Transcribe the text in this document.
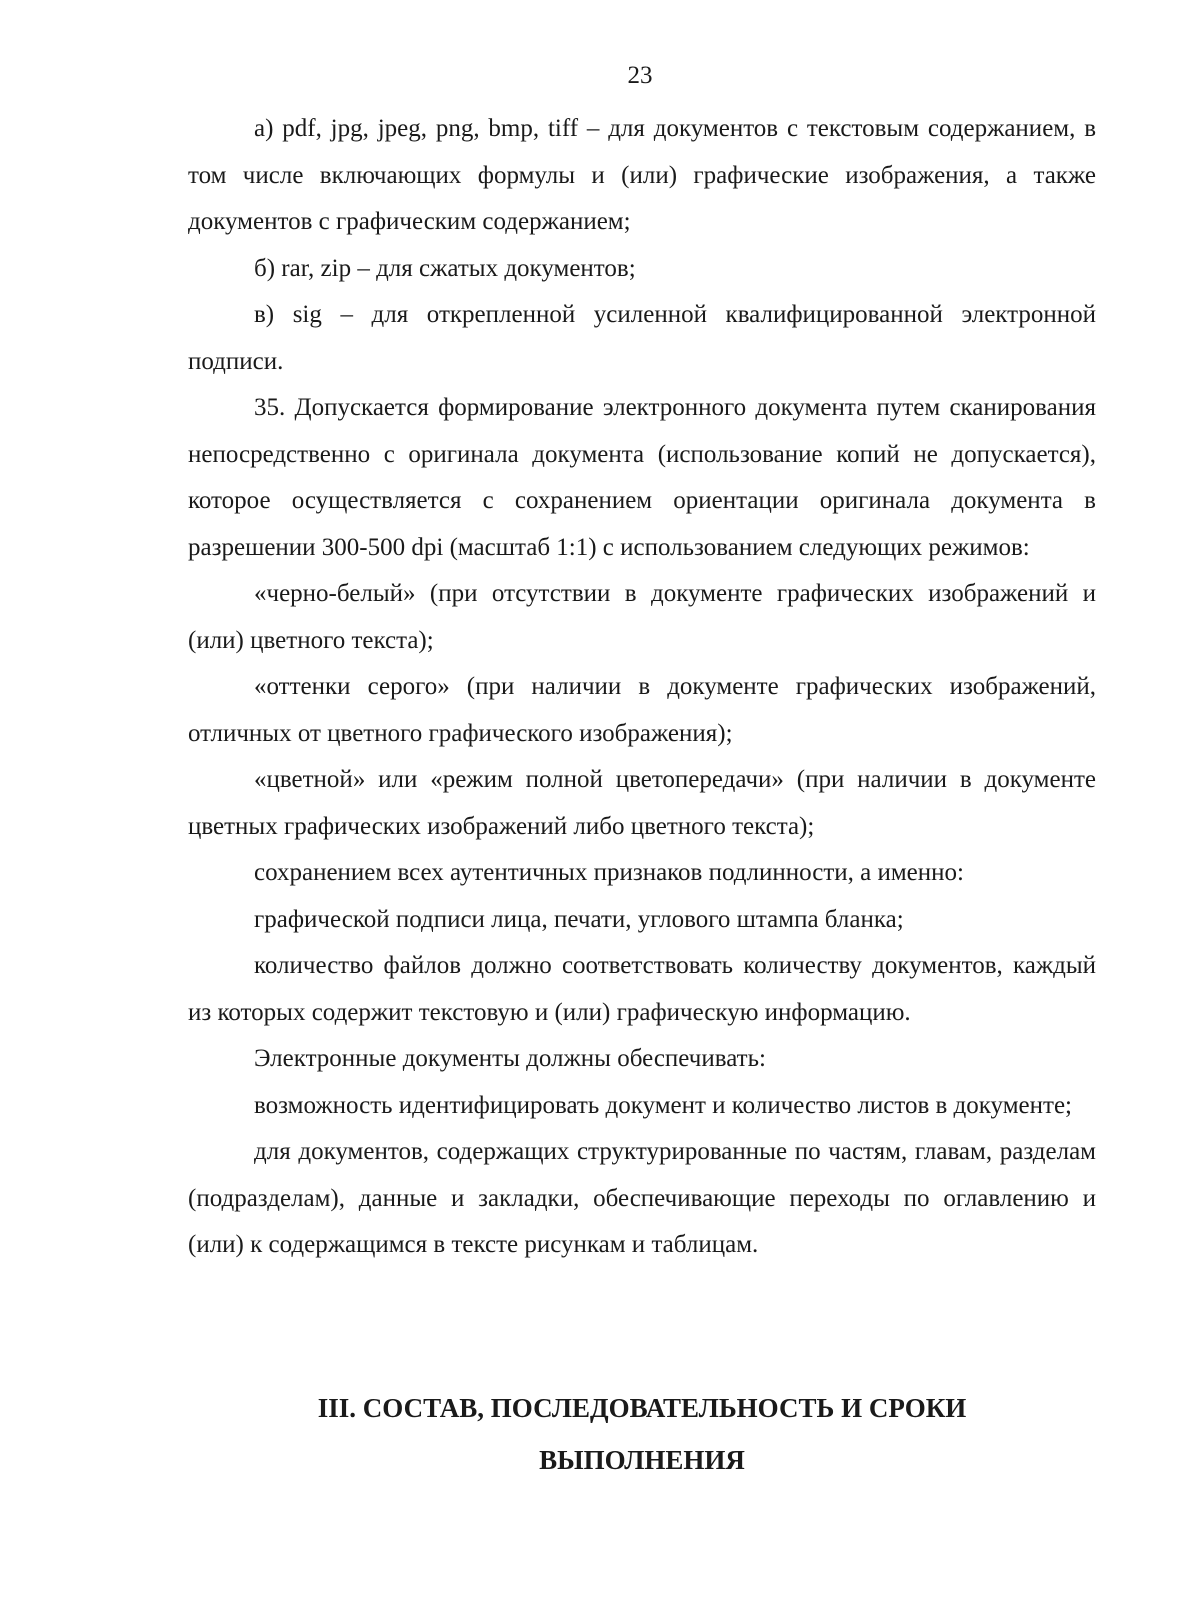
23

а) pdf, jpg, jpeg, png, bmp, tiff – для документов с текстовым содержанием, в том числе включающих формулы и (или) графические изображения, а также документов с графическим содержанием;

б) rar, zip – для сжатых документов;

в) sig – для открепленной усиленной квалифицированной электронной подписи.

35. Допускается формирование электронного документа путем сканирования непосредственно с оригинала документа (использование копий не допускается), которое осуществляется с сохранением ориентации оригинала документа в разрешении 300-500 dpi (масштаб 1:1) с использованием следующих режимов:

«черно-белый» (при отсутствии в документе графических изображений и (или) цветного текста);

«оттенки серого» (при наличии в документе графических изображений, отличных от цветного графического изображения);

«цветной» или «режим полной цветопередачи» (при наличии в документе цветных графических изображений либо цветного текста);

сохранением всех аутентичных признаков подлинности, а именно:

графической подписи лица, печати, углового штампа бланка;

количество файлов должно соответствовать количеству документов, каждый из которых содержит текстовую и (или) графическую информацию.

Электронные документы должны обеспечивать:

возможность идентифицировать документ и количество листов в документе;

для документов, содержащих структурированные по частям, главам, разделам (подразделам), данные и закладки, обеспечивающие переходы по оглавлению и (или) к содержащимся в тексте рисункам и таблицам.

III. СОСТАВ, ПОСЛЕДОВАТЕЛЬНОСТЬ И СРОКИ

ВЫПОЛНЕНИЯ
